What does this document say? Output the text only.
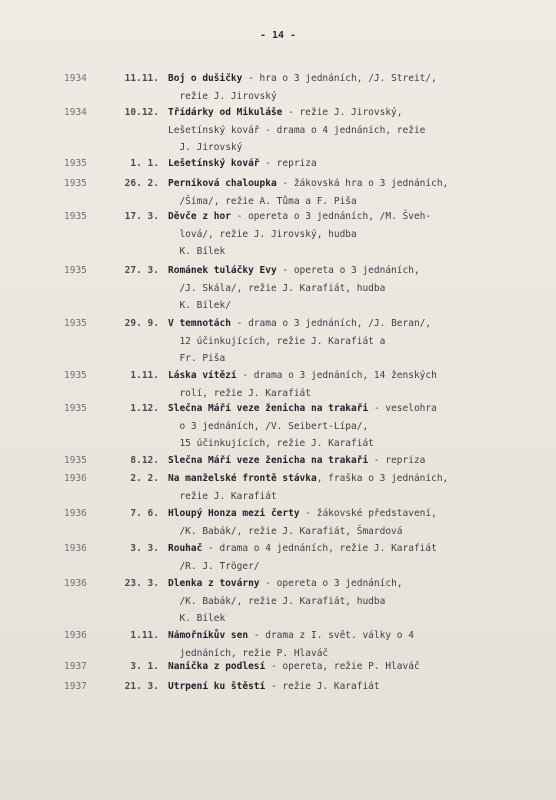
- 14 -
1934	11.11. Boj o dušičky - hra o 3 jednáních, /J. Streit/,
režie J. Jirovský
1934	10.12. Třídárky od Mikuláše - režie J. Jirovský,
Lešetínský kovář - drama o 4 jednáních, režie
J. Jirovský
1935	1. 1. Lešetínský kovář - repriza
1935	26. 2. Perníková chaloupka - žákovská hra o 3 jednáních,
/Šíma/, režie A. Tůma a F. Piša
1935	17. 3. Děvče z hor - opereta o 3 jednáních, /M. Šveh-
lová/, režie J. Jirovský, hudba
K. Bílek
1935	27. 3. Románek tuláčky Evy - opereta o 3 jednáních,
/J. Skála/, režie J. Karafiát, hudba
K. Bílek/
1935	29. 9. V temnotách - drama o 3 jednáních, /J. Beran/,
12 účinkujících, režie J. Karafiát a
Fr. Piša
1935	1.11. Láska vítězí - drama o 3 jednáních, 14 ženských
rolí, režie J. Karafiát
1935	1.12. Slečna Máří veze ženicha na trakaři - veselohra
o 3 jednáních, /V. Seibert-Lípa/,
15 účinkujících, režie J. Karafiát
1935	8.12. Slečna Máří veze ženicha na trakaři - repriza
1936	2. 2. Na manželské frontě stávka, fraška o 3 jednáních,
režie J. Karafiát
1936	7. 6. Hloupý Honza mezi čerty - žákovské představení,
/K. Babák/, režie J. Karafiát, Šmardová
1936	3. 3. Rouhač - drama o 4 jednáních, režie J. Karafiát
/R. J. Tröger/
1936	23. 3. Dlenka z továrny - opereta o 3 jednáních,
/K. Babák/, režie J. Karafiát, hudba
K. Bílek
1936	1.11. Námořníkův sen - drama z I. svět. války o 4
jednáních, režie P. Hlaváč
1937	3. 1. Nanička z podlesí - opereta, režie P. Hlaváč
1937	21. 3. Utrpení ku štěstí - režie J. Karafiát
